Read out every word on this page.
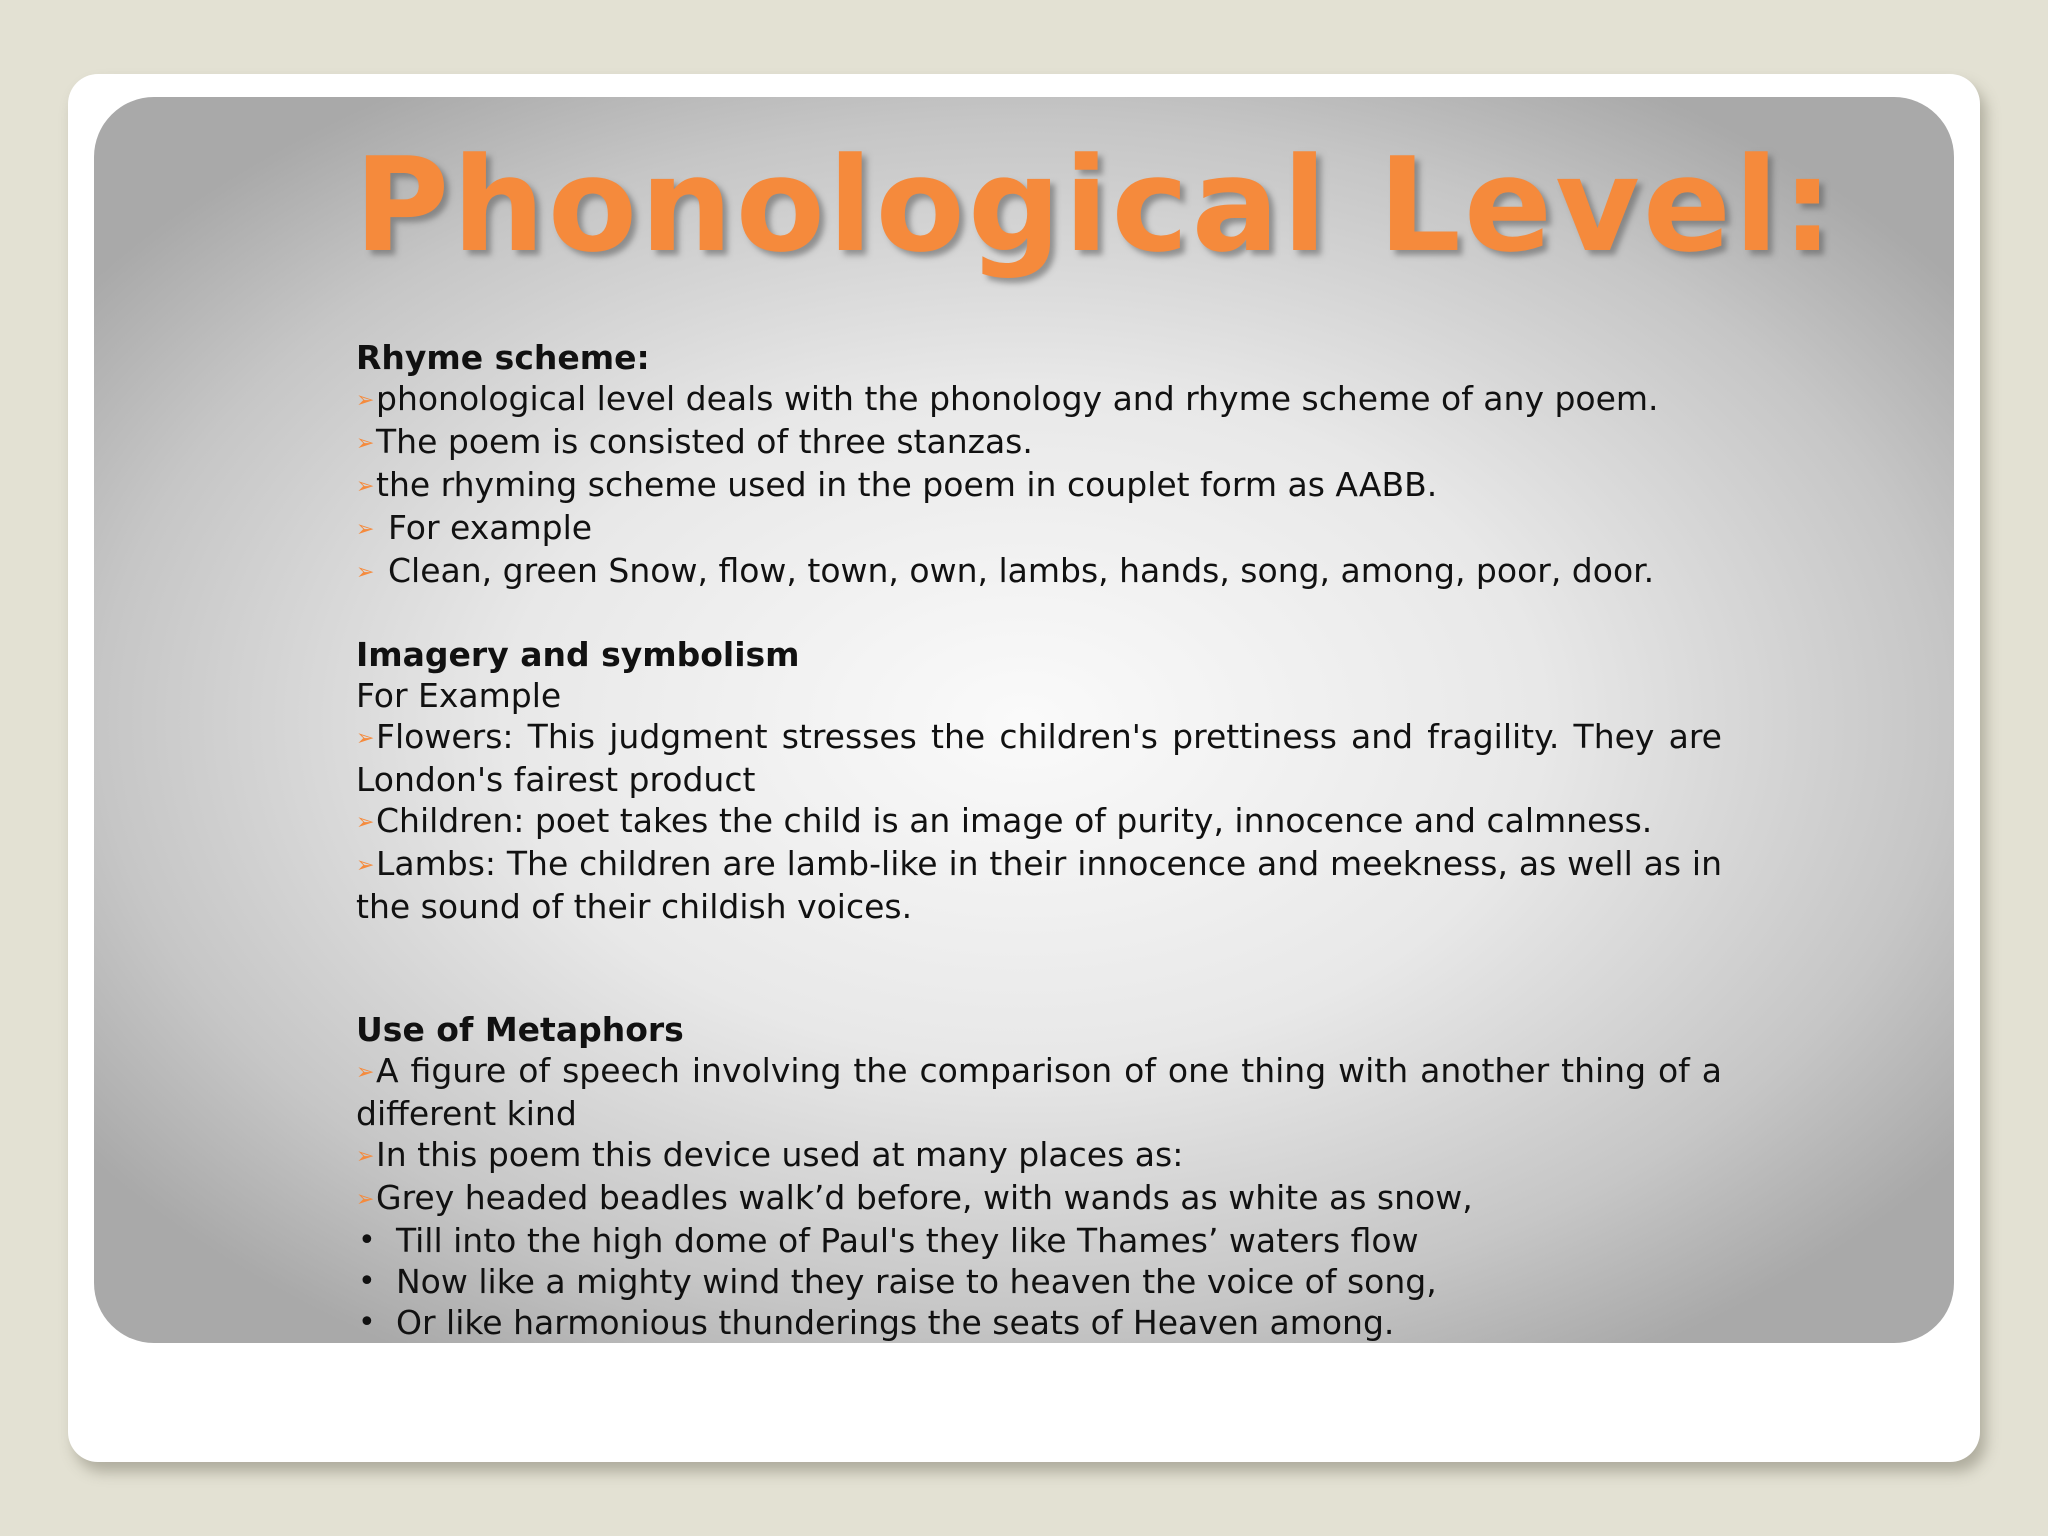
Phonological Level:

Rhyme scheme:

➢phonological level deals with the phonology and rhyme scheme of any poem.

➢The poem is consisted of three stanzas.

➢the rhyming scheme used in the poem in couplet form as AABB.

➢ For example

➢ Clean, green Snow, flow, town, own, lambs, hands, song, among, poor, door.

Imagery and symbolism

For Example

➢Flowers: This judgment stresses the children's prettiness and fragility. They are London's fairest product

➢Children: poet takes the child is an image of purity, innocence and calmness.

➢Lambs: The children are lamb-like in their innocence and meekness, as well as in the sound of their childish voices.

Use of Metaphors

➢A figure of speech involving the comparison of one thing with another thing of a different kind

➢In this poem this device used at many places as:

➢Grey headed beadles walk’d before, with wands as white as snow,

• Till into the high dome of Paul's they like Thames’ waters flow

• Now like a mighty wind they raise to heaven the voice of song,

• Or like harmonious thunderings the seats of Heaven among.
